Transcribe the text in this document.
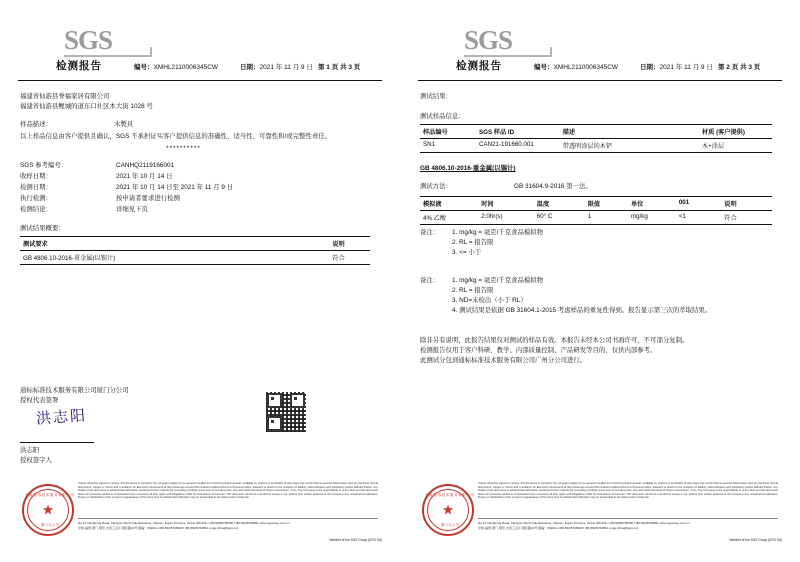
SGS
检测报告	编号：XMHL2110006345CW	日期：2021 年 11 月 9 日 第 1 页 共 3 页
福建省仙游县誉福家居有限公司
福建省仙游县鲤城的道东口社区本大街 1028 号
样品描述：	木製具
以上样品信息由客户提供且确认，SGS 不承担证实客户提供信息的准确性、适当性、可靠性和/或完整性责任。
**********
SGS 参考编号：	CANHQ2119166001
收样日期：	2021 年 10 月 14 日
检测日期：	2021 年 10 月 14 日至 2021 年 11 月 9 日
执行检测：	按申请者要求进行检测
检测结论：	详细见下页
测试结果概要：
测试要求		说明
GB 4806.10-2016-重金属(以锡计)		符合
通标标准技术服务有限公司厦门分公司
授权代表签署
洪志阳
洪志阳
授权签字人
通标标准技术服务有限公司
★
厦门分公司
Unless otherwise agreed in writing, this document is issued by the Company subject to its General Conditions of Service printed overleaf, available on request or accessible at http://www.sgs.com/en/Terms-and-Conditions.aspx and, for electronic format documents, subject to Terms and Conditions for Electronic Documents at http://www.sgs.com/en/Terms-and-Conditions/Terms-e-Document.aspx. Attention is drawn to the limitation of liability, indemnification and jurisdiction issues defined therein. Any holder of this document is advised that information contained hereon reflects the Company's findings at the time of its intervention only and within the limits of Client's instructions, if any. The Company's sole responsibility is to its Client and this document does not exonerate parties to a transaction from exercising all their rights and obligations under the transaction documents. This document cannot be reproduced except in full, without prior written approval of the Company. Any unauthorized alteration, forgery or falsification of the content or appearance of this document is unlawful and offenders may be prosecuted to the fullest extent of the law.
No.31 Xianghong Road, Xiang'an Torch Industrial Zone, Xiamen, Fujian Province, China (361101) t (86-592)5766900 f (86-592)5766861 www.sgsgroup.com.cn
中国·福建·厦门·翔安·火炬工业区·翔虹路31号 邮编：361101 t (86-592)5766900 f (86-592)5766861 e sgs.china@sgs.com
Member of the SGS Group (SGS SA)
SGS
检测报告	编号：XMHL2110006345CW	日期：2021 年 11 月 9 日 第 2 页 共 3 页
测试结果：
测试样品信息：
样品编号	SGS 样品 ID	描述	材质 (客户提供)
SN1	CAN21-191660.001	带透明涂层的木铲	木+涂层
GB 4806.10-2016-重金属(以锡计)
测试方法：	GB 31604.9-2016 第一法。
模拟液	时间	温度	限值	单位	001	说明
4% 乙酸	2.0hr(s)	60° C	1	mg/kg	<1	符合
备注： 1. mg/kg = 毫克/千克食品模拟物
2. RL = 报告限
3. <= 小于
备注： 1. mg/kg = 毫克/千克食品模拟物
2. RL = 报告限
3. ND=未检出（小于 RL）
4. 测试结果是依据 GB 31604.1-2015 考虑样品的重复性得到。报告显示第三次的萃取结果。
除非另有说明，此报告结果仅对测试的样品有效。本报告未经本公司书面许可，不可部分复制。
检测报告仅用于客户科研、教学、内部质量控制、产品研发等目的，仅供内部参考。
此测试分包到通标标准技术服务有限公司广州分公司进行。
通标标准技术服务有限公司
★
厦门分公司
Unless otherwise agreed in writing, this document is issued by the Company subject to its General Conditions of Service printed overleaf, available on request or accessible at http://www.sgs.com/en/Terms-and-Conditions.aspx and, for electronic format documents, subject to Terms and Conditions for Electronic Documents at http://www.sgs.com/en/Terms-and-Conditions/Terms-e-Document.aspx. Attention is drawn to the limitation of liability, indemnification and jurisdiction issues defined therein. Any holder of this document is advised that information contained hereon reflects the Company's findings at the time of its intervention only and within the limits of Client's instructions, if any. The Company's sole responsibility is to its Client and this document does not exonerate parties to a transaction from exercising all their rights and obligations under the transaction documents. This document cannot be reproduced except in full, without prior written approval of the Company. Any unauthorized alteration, forgery or falsification of the content or appearance of this document is unlawful and offenders may be prosecuted to the fullest extent of the law.
No.31 Xianghong Road, Xiang'an Torch Industrial Zone, Xiamen, Fujian Province, China (361101) t (86-592)5766900 f (86-592)5766861 www.sgsgroup.com.cn
中国·福建·厦门·翔安·火炬工业区·翔虹路31号 邮编：361101 t (86-592)5766900 f (86-592)5766861 e sgs.china@sgs.com
Member of the SGS Group (SGS SA)
